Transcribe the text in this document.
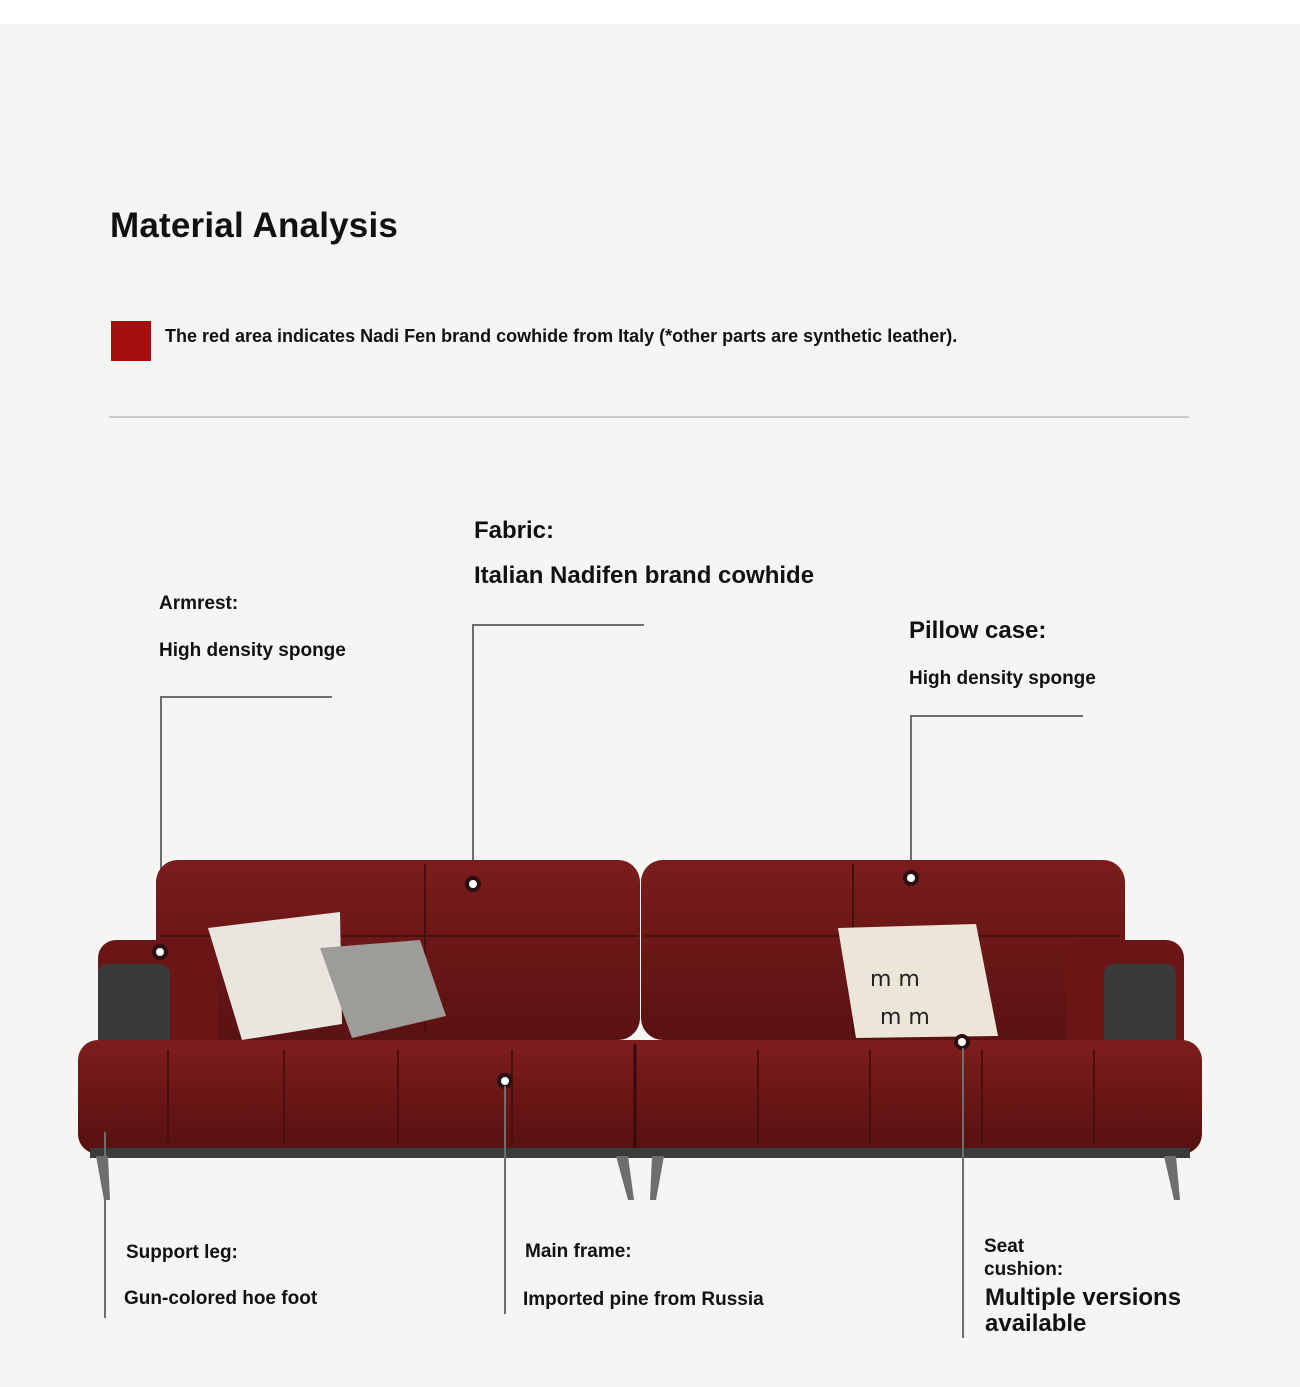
Material Analysis
The red area indicates Nadi Fen brand cowhide from Italy (*other parts are synthetic leather).
Fabric:
Italian Nadifen brand cowhide
Armrest:
High density sponge
Pillow case:
High density sponge
m m
m m
Support leg:
Gun-colored hoe foot
Main frame:
Imported pine from Russia
Seat
cushion:
Multiple versions
available
